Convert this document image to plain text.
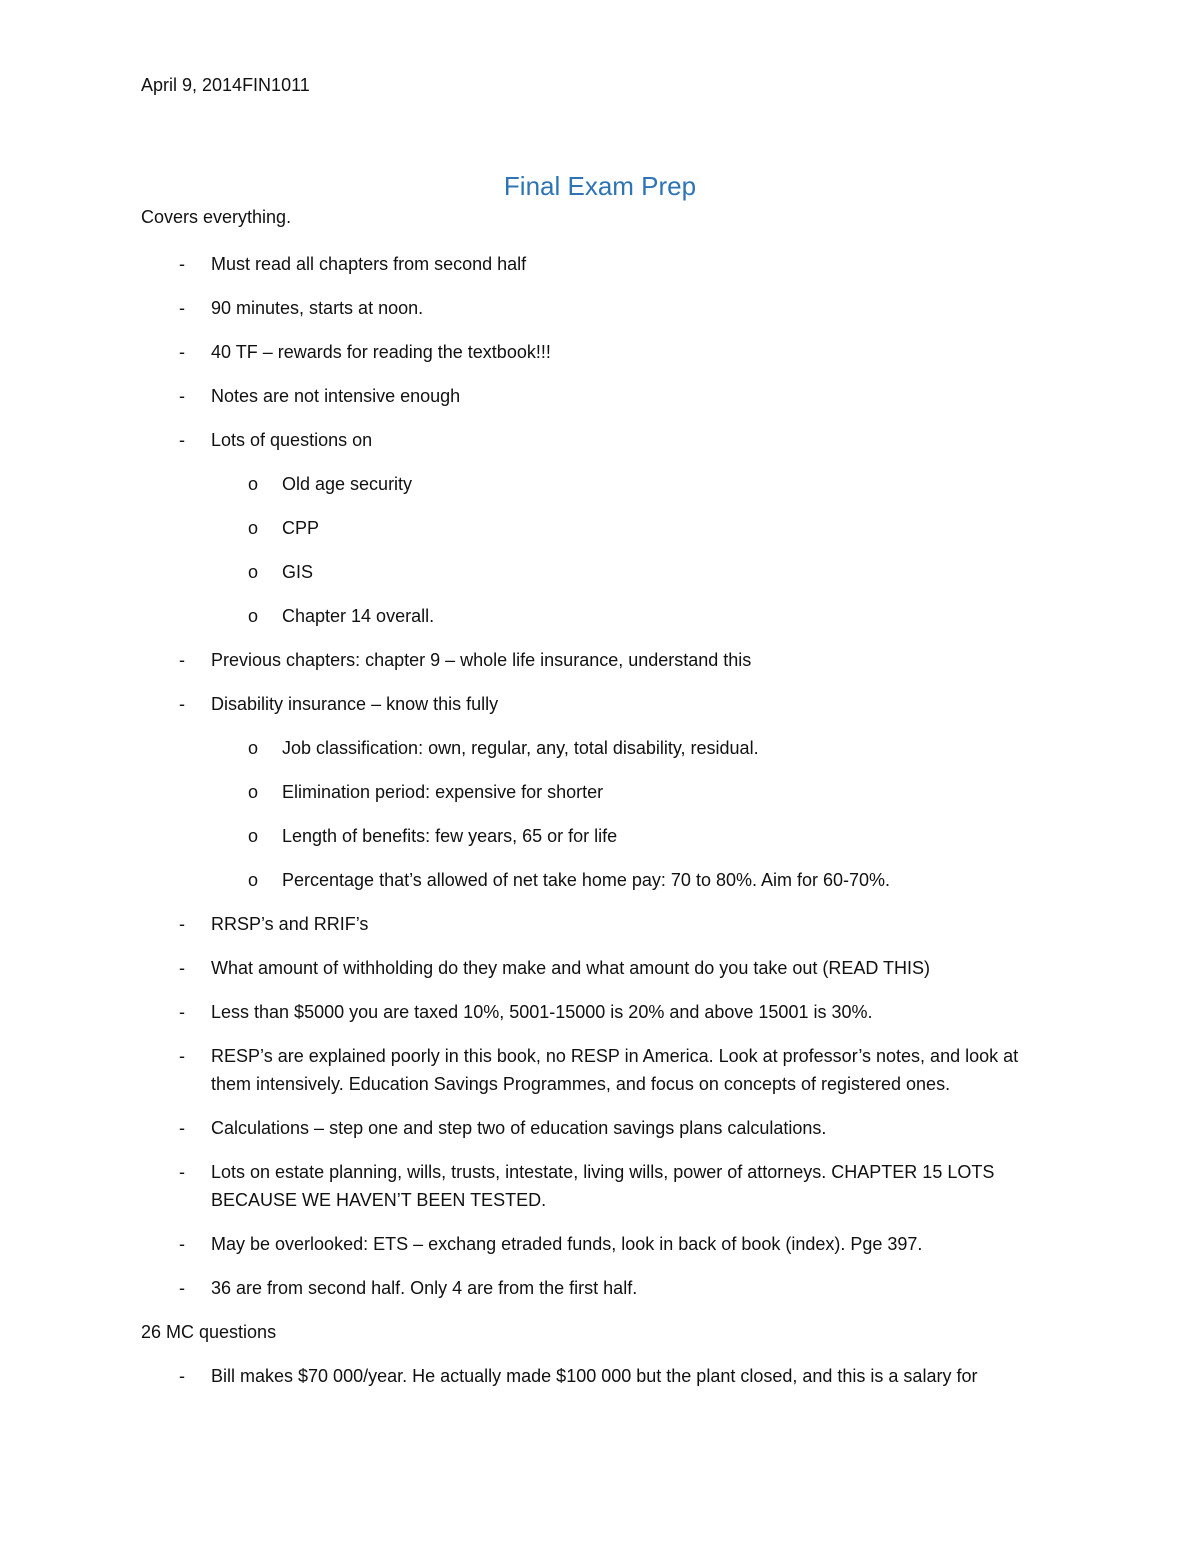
April 9, 2014FIN1011
Final Exam Prep
Covers everything.
- Must read all chapters from second half
- 90 minutes, starts at noon.
- 40 TF – rewards for reading the textbook!!!
- Notes are not intensive enough
- Lots of questions on
o Old age security
o CPP
o GIS
o Chapter 14 overall.
- Previous chapters: chapter 9 – whole life insurance, understand this
- Disability insurance – know this fully
o Job classification: own, regular, any, total disability, residual.
o Elimination period: expensive for shorter
o Length of benefits: few years, 65 or for life
o Percentage that’s allowed of net take home pay: 70 to 80%. Aim for 60-70%.
- RRSP’s and RRIF’s
- What amount of withholding do they make and what amount do you take out (READ THIS)
- Less than $5000 you are taxed 10%, 5001-15000 is 20% and above 15001 is 30%.
- RESP’s are explained poorly in this book, no RESP in America. Look at professor’s notes, and look at them intensively. Education Savings Programmes, and focus on concepts of registered ones.
- Calculations – step one and step two of education savings plans calculations.
- Lots on estate planning, wills, trusts, intestate, living wills, power of attorneys. CHAPTER 15 LOTS BECAUSE WE HAVEN’T BEEN TESTED.
- May be overlooked: ETS – exchang etraded funds, look in back of book (index). Pge 397.
- 36 are from second half. Only 4 are from the first half.
26 MC questions
- Bill makes $70 000/year. He actually made $100 000 but the plant closed, and this is a salary for
